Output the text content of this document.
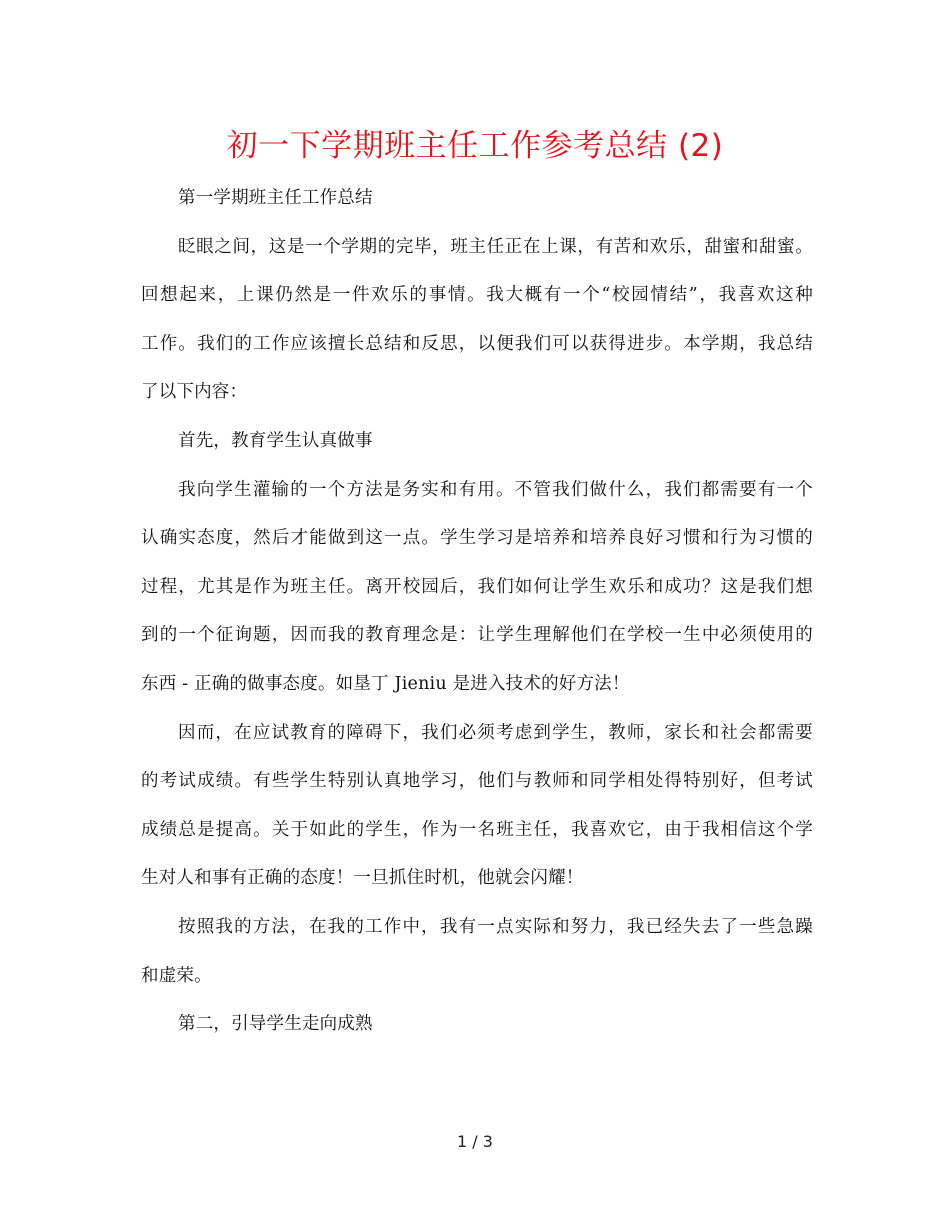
初一下学期班主任工作参考总结 (2)
第一学期班主任工作总结
眨眼之间，这是一个学期的完毕，班主任正在上课，有苦和欢乐，甜蜜和甜蜜。
回想起来，上课仍然是一件欢乐的事情。我大概有一个“校园情结”，我喜欢这种
工作。我们的工作应该擅长总结和反思，以便我们可以获得进步。本学期，我总结
了以下内容：
首先，教育学生认真做事
我向学生灌输的一个方法是务实和有用。不管我们做什么，我们都需要有一个
认确实态度，然后才能做到这一点。学生学习是培养和培养良好习惯和行为习惯的
过程，尤其是作为班主任。离开校园后，我们如何让学生欢乐和成功？这是我们想
到的一个征询题，因而我的教育理念是：让学生理解他们在学校一生中必须使用的
东西 - 正确的做事态度。如垦丁 Jieniu 是进入技术的好方法！
因而，在应试教育的障碍下，我们必须考虑到学生，教师，家长和社会都需要
的考试成绩。有些学生特别认真地学习，他们与教师和同学相处得特别好，但考试
成绩总是提高。关于如此的学生，作为一名班主任，我喜欢它，由于我相信这个学
生对人和事有正确的态度！一旦抓住时机，他就会闪耀！
按照我的方法，在我的工作中，我有一点实际和努力，我已经失去了一些急躁
和虚荣。
第二，引导学生走向成熟
1 / 3
